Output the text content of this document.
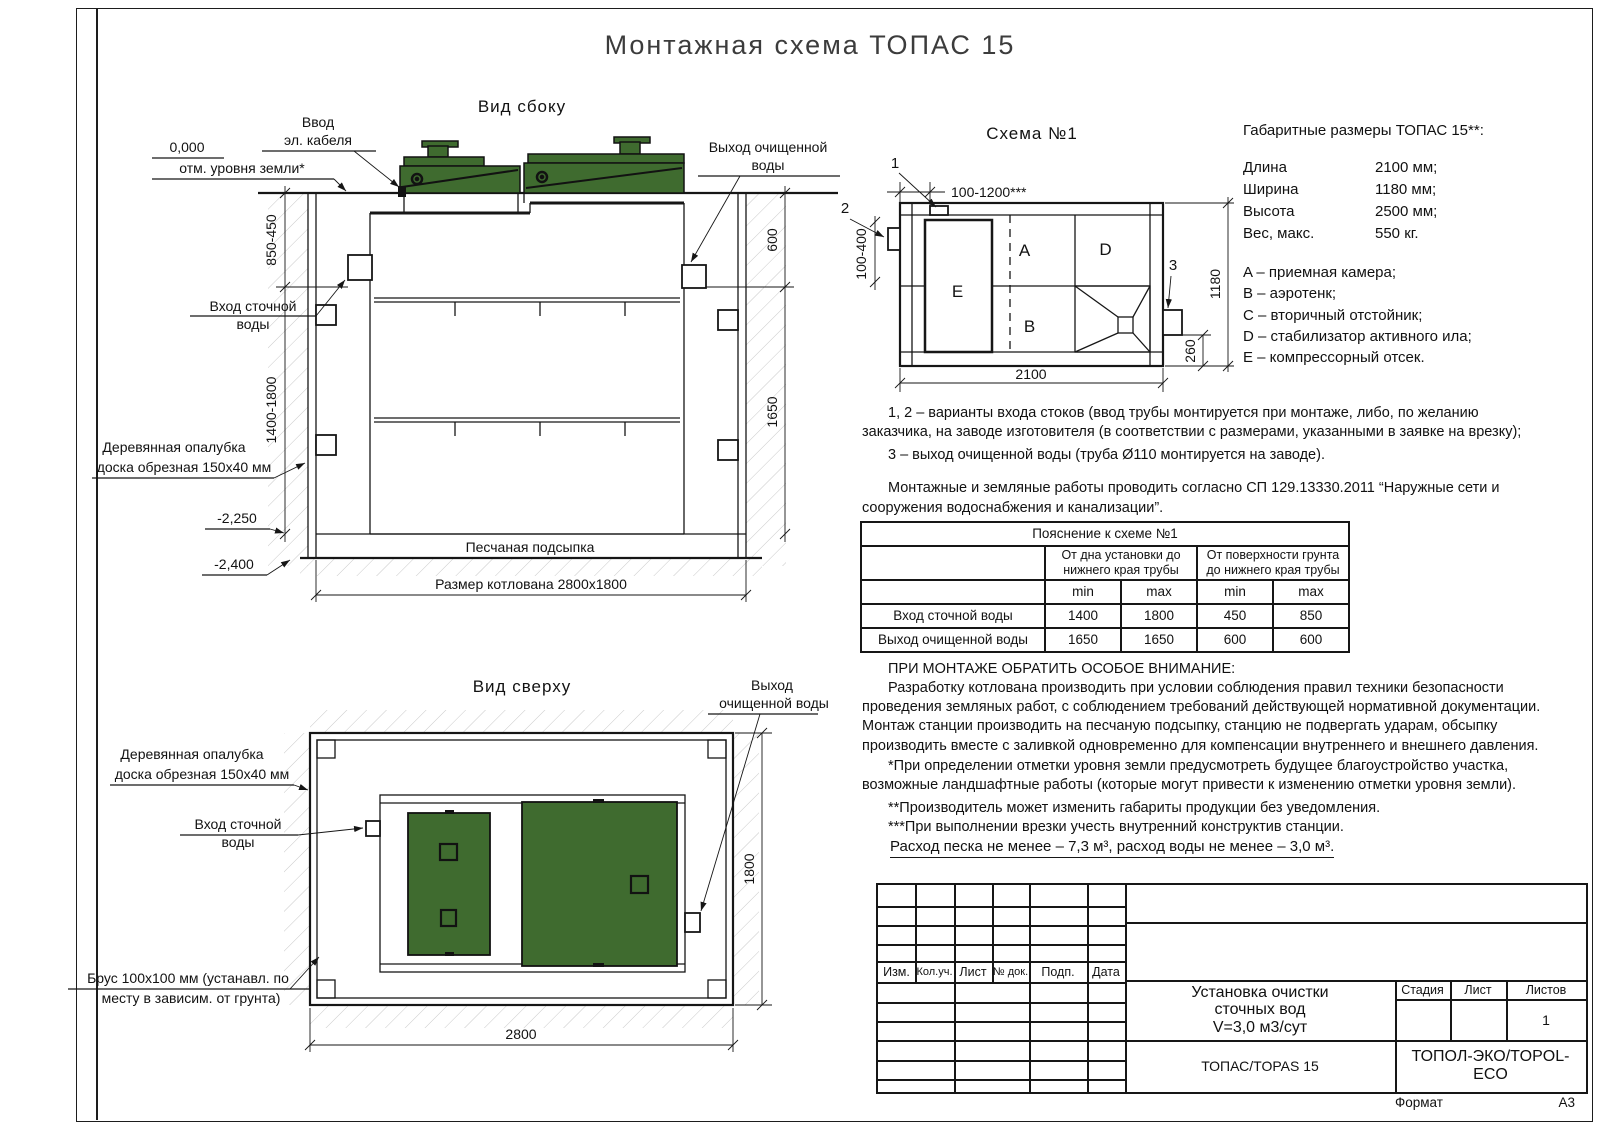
Монтажная схема ТОПАС 15
850-450
1400-1800
600
1650
Размер котлована 2800х1800
Песчаная подсыпка
Вид сбоку
0,000
отм. уровня земли*
Ввод
эл. кабеля	Выход очищенной
воды
Вход сточной
воды
Деревянная опалубка
доска обрезная 150х40 мм
-2,250
-2,400
Схема №1
A
B
D
E
1
2
3
100-1200***
100-400
1180
260
2100
1800
2800
Вид сверху	Выход
очищенной воды
Деревянная опалубка
доска обрезная 150х40 мм
Вход сточной
воды
Брус 100х100 мм (устанавл. по
месту в зависим. от грунта)
Габаритные размеры ТОПАС 15**:
Длина	2100 мм;
Ширина	1180 мм;
Высота	2500 мм;
Вес, макс.	550 кг.
A – приемная камера;
B – аэротенк;
C – вторичный отстойник;
D – стабилизатор активного ила;
E – компрессорный отсек.

1, 2 – варианты входа стоков (ввод трубы монтируется при монтаже, либо, по желанию заказчика, на заводе изготовителя (в соответствии с размерами, указанными в заявке на врезку);

3 – выход очищенной воды (труба Ø110 монтируется на заводе).

Монтажные и земляные работы проводить согласно СП 129.13330.2011 “Наружные сети и сооружения водоснабжения и канализации”.

Пояснение к схеме №1				
	От дна установки до нижнего края трубы		От поверхности грунта до нижнего края трубы	
	min	max	min	max
Вход сточной воды	1400	1800	450	850
Выход очищенной воды	1650	1650	600	600

ПРИ МОНТАЖЕ ОБРАТИТЬ ОСОБОЕ ВНИМАНИЕ:

Разработку котлована производить при условии соблюдения правил техники безопасности проведения земляных работ, с соблюдением требований действующей нормативной документации. Монтаж станции производить на песчаную подсыпку, станцию не подвергать ударам, обсыпку производить вместе с заливкой одновременно для компенсации внутреннего и внешнего давления.

*При определении отметки уровня земли предусмотреть будущее благоустройство участка, возможные ландшафтные работы (которые могут привести к изменению отметки уровня земли).

**Производитель может изменить габариты продукции без уведомления.

***При выполнении врезки учесть внутренний конструктив станции.

Расход песка не менее – 7,3 м³, расход воды не менее – 3,0 м³.
Изм. Кол.уч. Лист № док.	Подп.	Дата
Установка очистки
сточных вод
V=3,0 м3/сут
Стадия	Лист	Листов
1
ТОПАС/TOPAS 15
ТОПОЛ-ЭКО/TOPOL-ECO
Формат	А3
